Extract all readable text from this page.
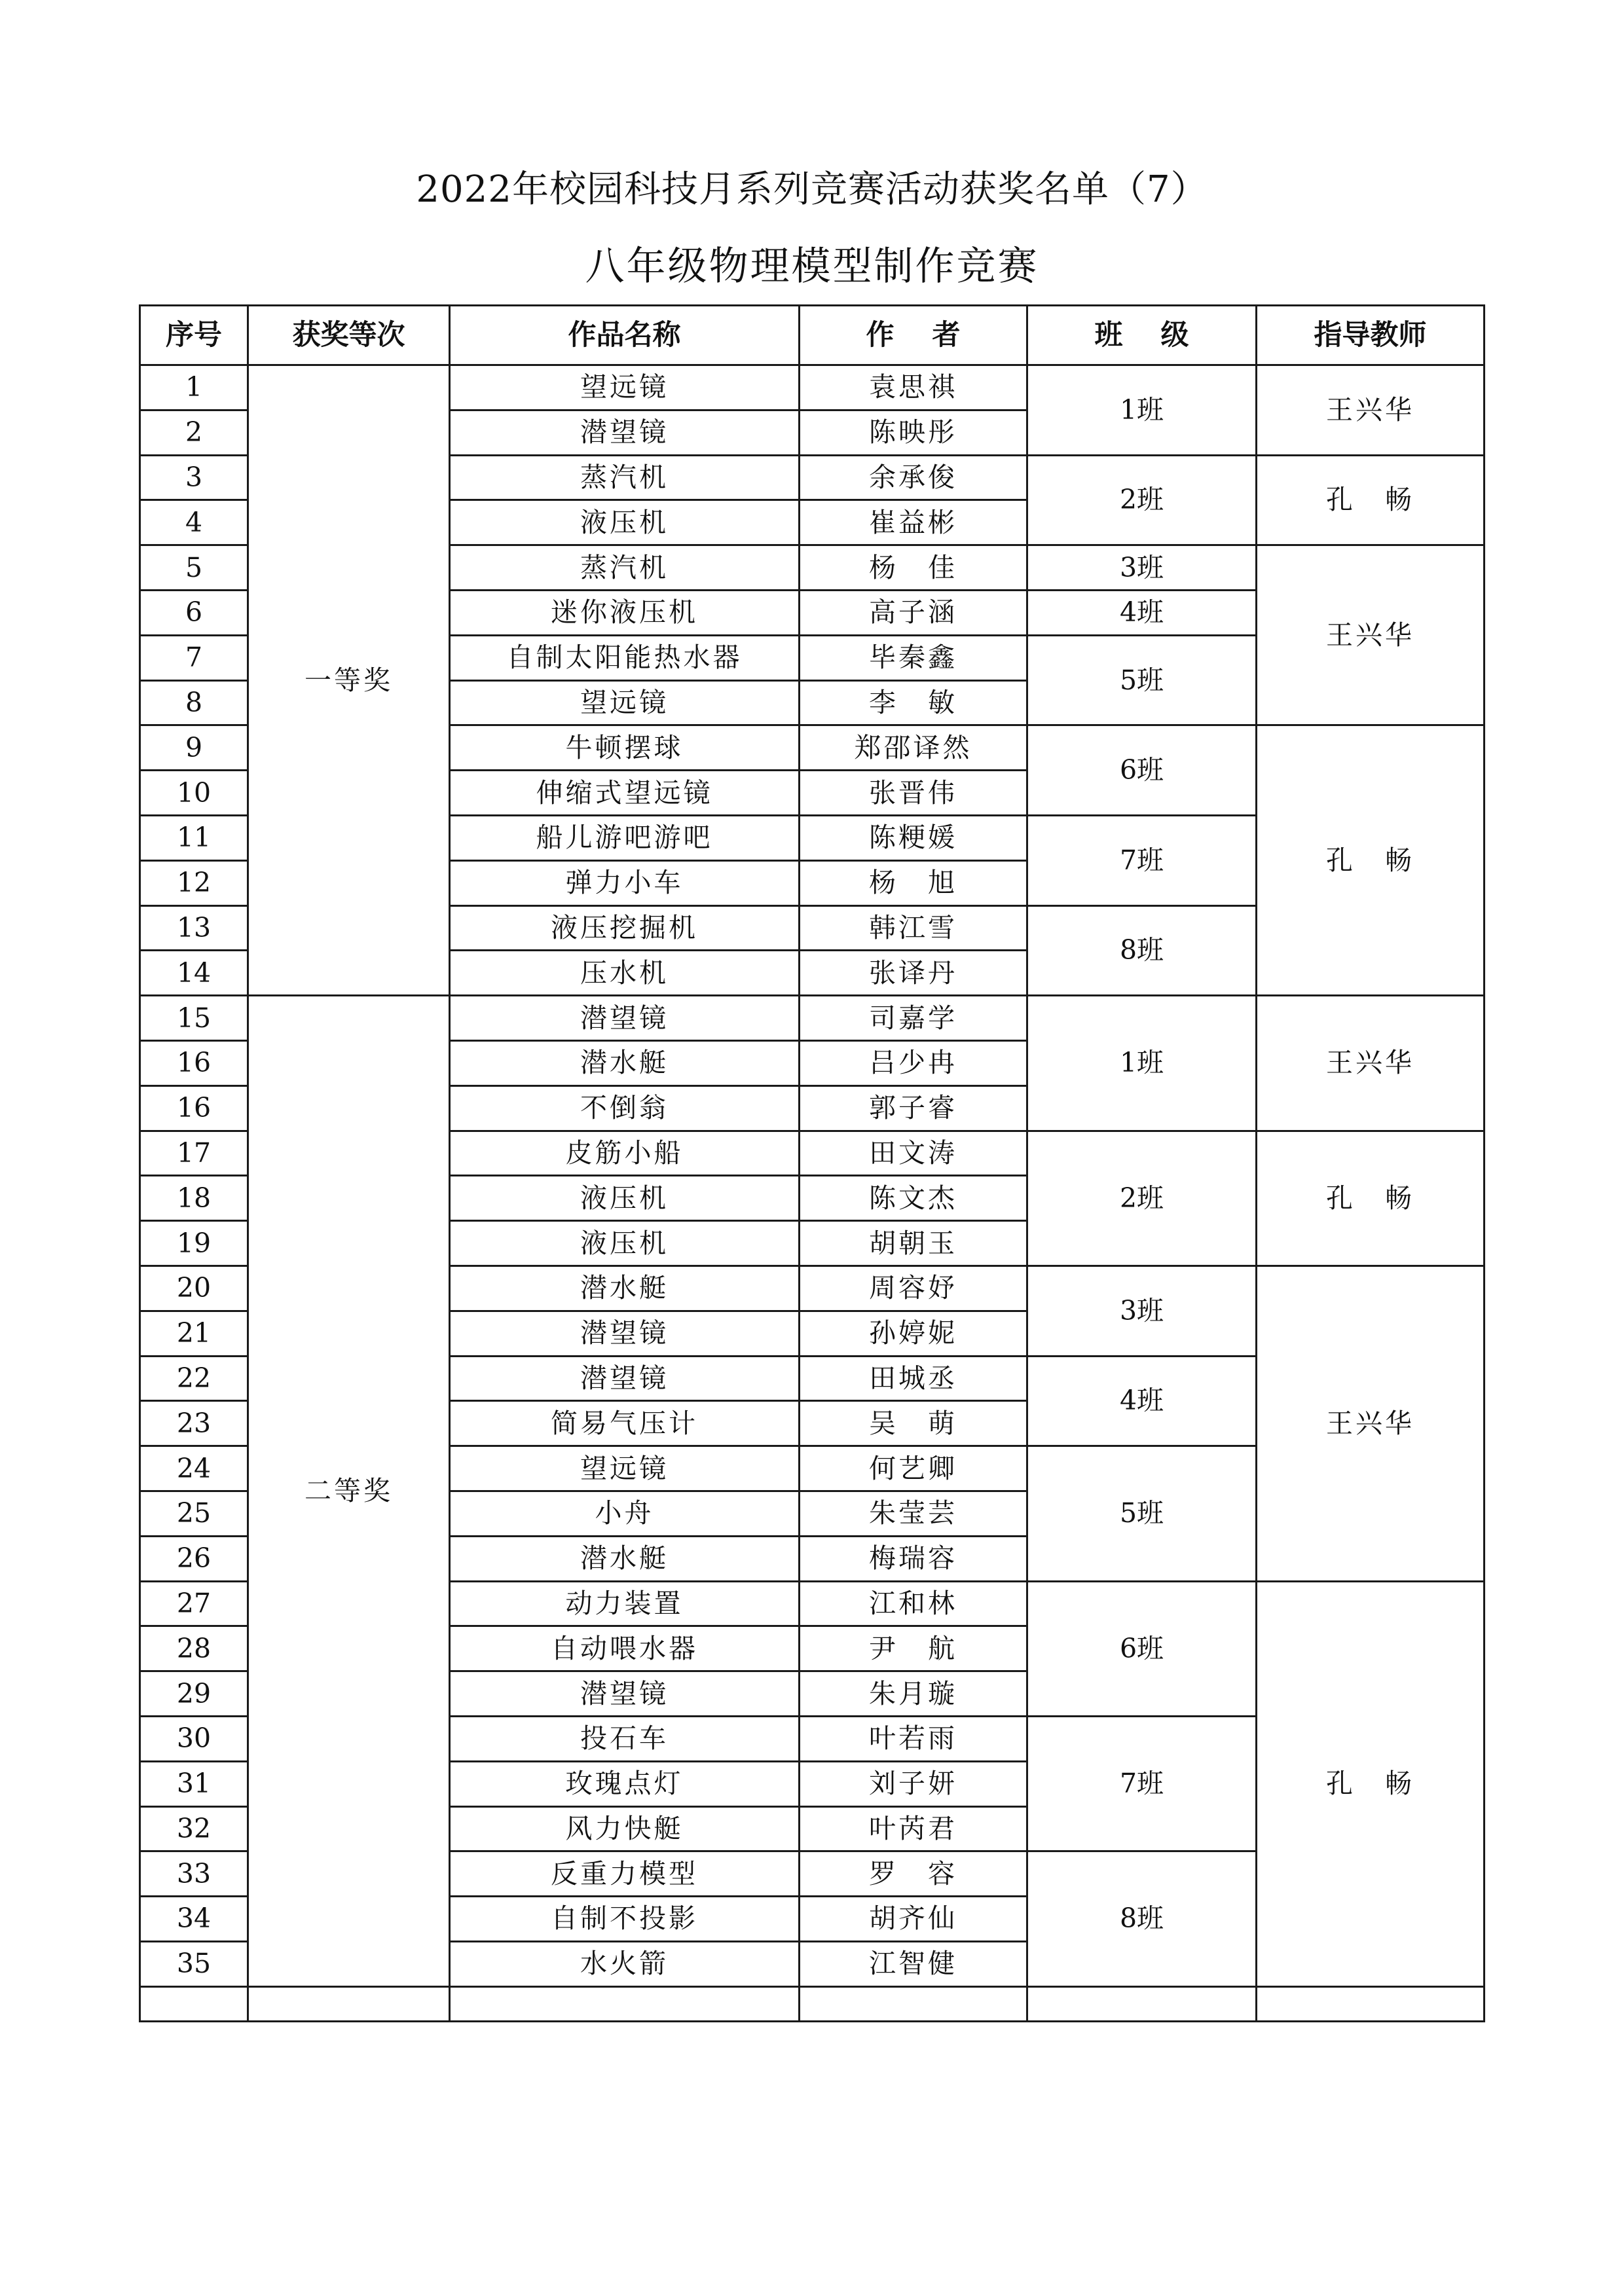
2022年校园科技月系列竞赛活动获奖名单（7）
八年级物理模型制作竞赛
序号	获奖等次	作品名称	作　 者	班　 级	指导教师
1	一等奖	望远镜	袁思祺	1班	王兴华
2		潜望镜	陈映彤		
3		蒸汽机	余承俊	2班	孔　畅
4		液压机	崔益彬		
5		蒸汽机	杨　佳	3班	王兴华
6		迷你液压机	高子涵	4班	
7		自制太阳能热水器	毕秦鑫	5班	
8		望远镜	李　敏		
9		牛顿摆球	郑邵译然	6班	孔　畅
10		伸缩式望远镜	张晋伟		
11		船儿游吧游吧	陈粳媛	7班	
12		弹力小车	杨　旭		
13		液压挖掘机	韩江雪	8班	
14		压水机	张译丹		
15	二等奖	潜望镜	司嘉学	1班	王兴华
16		潜水艇	吕少冉		
16		不倒翁	郭子睿		
17		皮筋小船	田文涛	2班	孔　畅
18		液压机	陈文杰		
19		液压机	胡朝玉		
20		潜水艇	周容妤	3班	王兴华
21		潜望镜	孙婷妮		
22		潜望镜	田城丞	4班	
23		简易气压计	吴　萌		
24		望远镜	何艺卿	5班	
25		小舟	朱莹芸		
26		潜水艇	梅瑞容		
27		动力装置	江和林	6班	孔　畅
28		自动喂水器	尹　航		
29		潜望镜	朱月璇		
30		投石车	叶若雨	7班	
31		玫瑰点灯	刘子妍		
32		风力快艇	叶芮君		
33		反重力模型	罗　容	8班	
34		自制不投影	胡齐仙		
35		水火箭	江智健		
